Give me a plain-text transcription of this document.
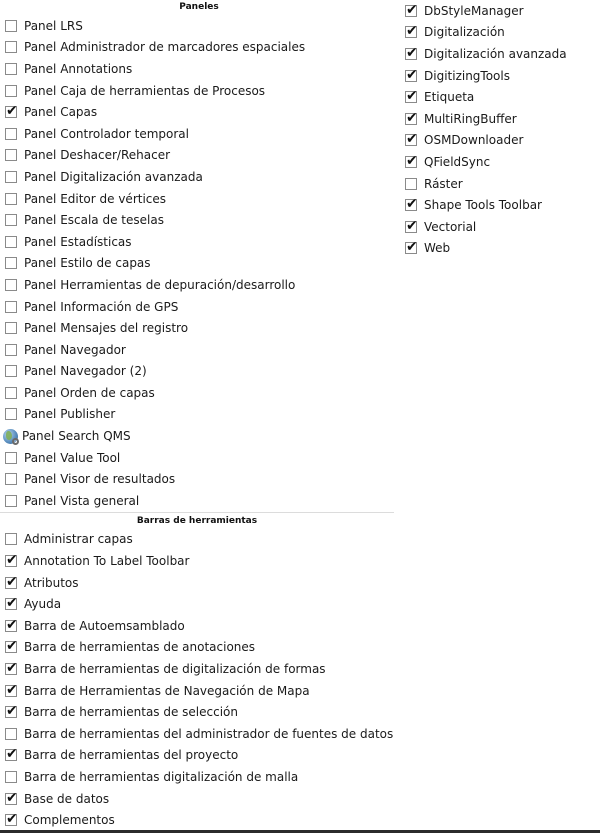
Paneles
Panel LRS
Panel Administrador de marcadores espaciales
Panel Annotations
Panel Caja de herramientas de Procesos
✔
Panel Capas
Panel Controlador temporal
Panel Deshacer/Rehacer
Panel Digitalización avanzada
Panel Editor de vértices
Panel Escala de teselas
Panel Estadísticas
Panel Estilo de capas
Panel Herramientas de depuración/desarrollo
Panel Información de GPS
Panel Mensajes del registro
Panel Navegador
Panel Navegador (2)
Panel Orden de capas
Panel Publisher
Panel Search QMS
Panel Value Tool
Panel Visor de resultados
Panel Vista general
Barras de herramientas
Administrar capas
✔
Annotation To Label Toolbar
✔
Atributos
✔
Ayuda
✔
Barra de Autoemsamblado
✔
Barra de herramientas de anotaciones
✔
Barra de herramientas de digitalización de formas
✔
Barra de Herramientas de Navegación de Mapa
✔
Barra de herramientas de selección
Barra de herramientas del administrador de fuentes de datos
✔
Barra de herramientas del proyecto
Barra de herramientas digitalización de malla
✔
Base de datos
✔
Complementos
✔
DbStyleManager
✔
Digitalización
✔
Digitalización avanzada
✔
DigitizingTools
✔
Etiqueta
✔
MultiRingBuffer
✔
OSMDownloader
✔
QFieldSync
Ráster
✔
Shape Tools Toolbar
✔
Vectorial
✔
Web
